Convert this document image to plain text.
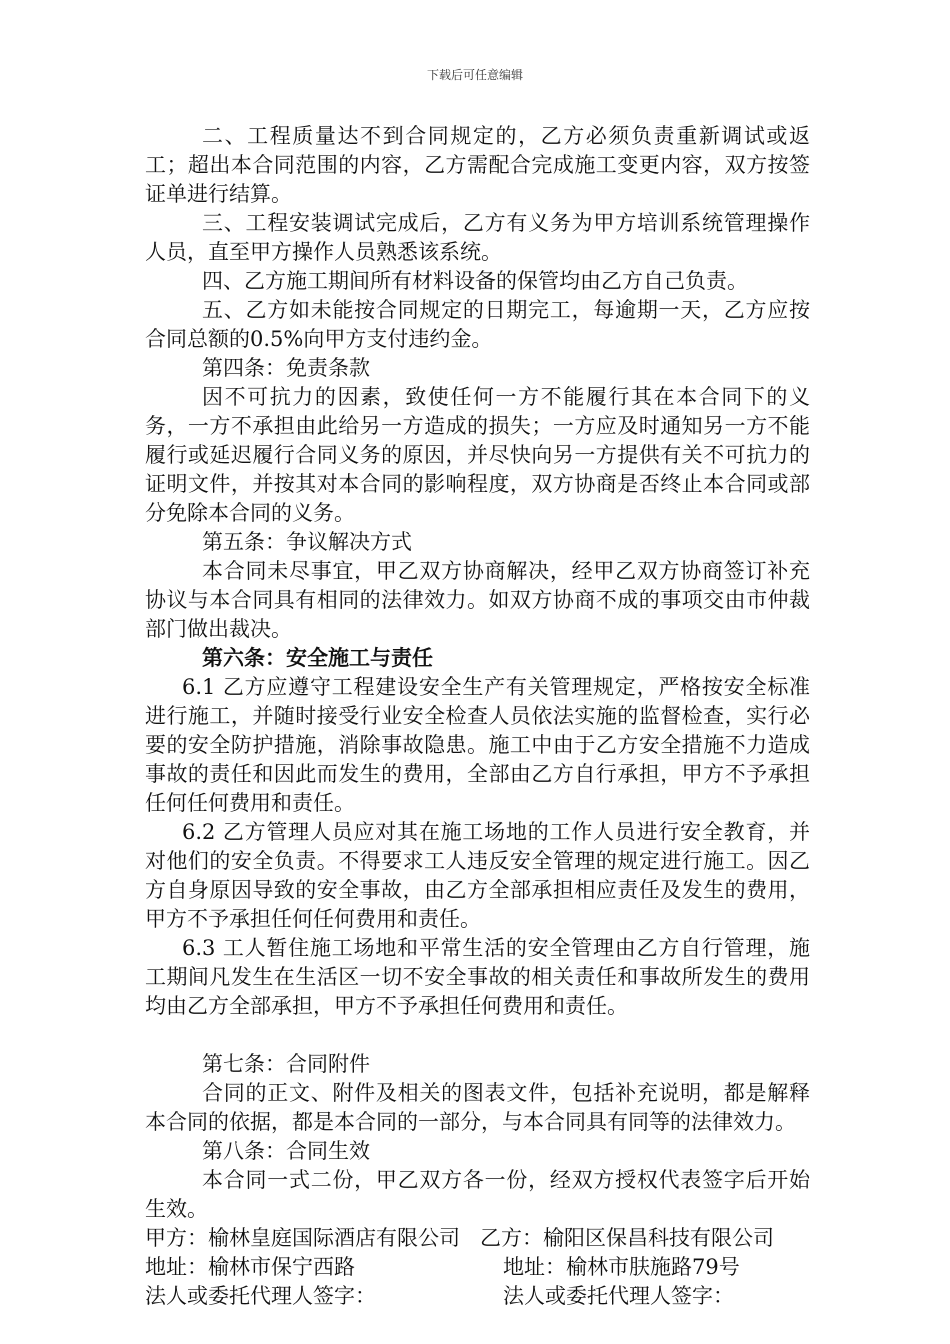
下载后可任意编辑

二、工程质量达不到合同规定的，乙方必须负责重新调试或返工；超出本合同范围的内容，乙方需配合完成施工变更内容，双方按签证单进行结算。

三、工程安装调试完成后，乙方有义务为甲方培训系统管理操作人员，直至甲方操作人员熟悉该系统。

四、乙方施工期间所有材料设备的保管均由乙方自己负责。

五、乙方如未能按合同规定的日期完工，每逾期一天，乙方应按合同总额的0.5%向甲方支付违约金。

第四条：免责条款

因不可抗力的因素，致使任何一方不能履行其在本合同下的义务，一方不承担由此给另一方造成的损失；一方应及时通知另一方不能履行或延迟履行合同义务的原因，并尽快向另一方提供有关不可抗力的证明文件，并按其对本合同的影响程度，双方协商是否终止本合同或部分免除本合同的义务。

第五条：争议解决方式

本合同未尽事宜，甲乙双方协商解决，经甲乙双方协商签订补充协议与本合同具有相同的法律效力。如双方协商不成的事项交由市仲裁部门做出裁决。

第六条：安全施工与责任

6.1 乙方应遵守工程建设安全生产有关管理规定，严格按安全标准进行施工，并随时接受行业安全检查人员依法实施的监督检查，实行必要的安全防护措施，消除事故隐患。施工中由于乙方安全措施不力造成事故的责任和因此而发生的费用，全部由乙方自行承担，甲方不予承担任何任何费用和责任。

6.2 乙方管理人员应对其在施工场地的工作人员进行安全教育，并对他们的安全负责。不得要求工人违反安全管理的规定进行施工。因乙方自身原因导致的安全事故，由乙方全部承担相应责任及发生的费用，甲方不予承担任何任何费用和责任。

6.3 工人暂住施工场地和平常生活的安全管理由乙方自行管理，施工期间凡发生在生活区一切不安全事故的相关责任和事故所发生的费用均由乙方全部承担，甲方不予承担任何费用和责任。

第七条：合同附件

合同的正文、附件及相关的图表文件，包括补充说明，都是解释本合同的依据，都是本合同的一部分，与本合同具有同等的法律效力。

第八条：合同生效

本合同一式二份，甲乙双方各一份，经双方授权代表签字后开始生效。

甲方：榆林皇庭国际酒店有限公司 乙方：榆阳区保昌科技有限公司

地址：榆林市保宁西路	地址：榆林市肤施路79号
法人或委托代理人签字：	法人或委托代理人签字：
